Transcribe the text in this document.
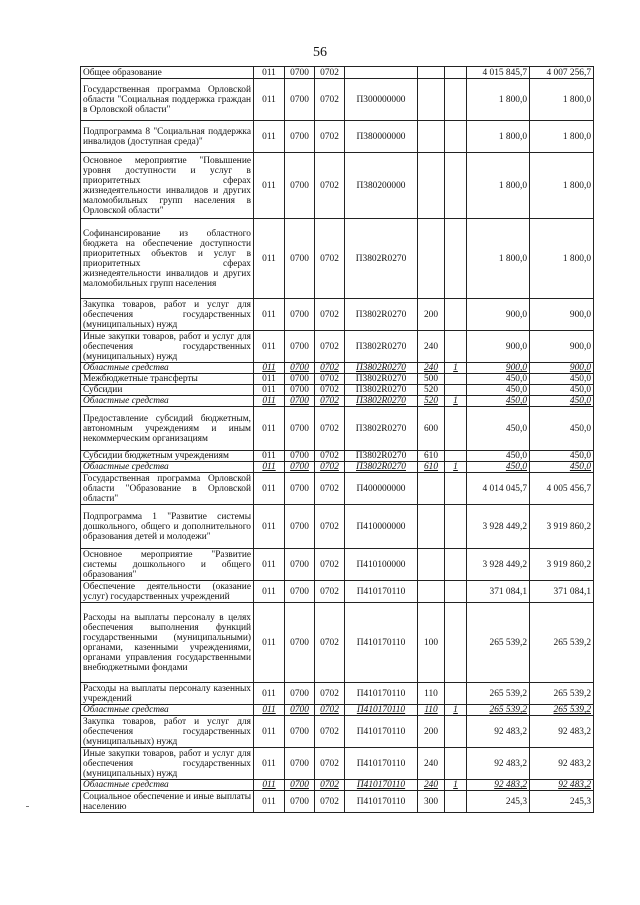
56
Общее образование	011	0700	0702				4 015 845,7	4 007 256,7
Государственная программа Орловской области "Социальная поддержка граждан в Орловской области"	011	0700	0702	П300000000			1 800,0	1 800,0
Подпрограмма 8 "Социальная поддержка инвалидов (доступная среда)"	011	0700	0702	П380000000			1 800,0	1 800,0
Основное мероприятие "Повышение уровня доступности и услуг в приоритетных сферах жизнедеятельности инвалидов и других маломобильных групп населения в Орловской области"	011	0700	0702	П380200000			1 800,0	1 800,0
Софинансирование из областного бюджета на обеспечение доступности приоритетных объектов и услуг в приоритетных сферах жизнедеятельности инвалидов и других маломобильных групп населения	011	0700	0702	П3802R0270			1 800,0	1 800,0
Закупка товаров, работ и услуг для обеспечения государственных (муниципальных) нужд	011	0700	0702	П3802R0270	200		900,0	900,0
Иные закупки товаров, работ и услуг для обеспечения государственных (муниципальных) нужд	011	0700	0702	П3802R0270	240		900,0	900,0
Областные средства	011	0700	0702	П3802R0270	240	1	900,0	900,0
Межбюджетные трансферты	011	0700	0702	П3802R0270	500		450,0	450,0
Субсидии	011	0700	0702	П3802R0270	520		450,0	450,0
Областные средства	011	0700	0702	П3802R0270	520	1	450,0	450,0
Предоставление субсидий бюджетным, автономным учреждениям и иным некоммерческим организациям	011	0700	0702	П3802R0270	600		450,0	450,0
Субсидии бюджетным учреждениям	011	0700	0702	П3802R0270	610		450,0	450,0
Областные средства	011	0700	0702	П3802R0270	610	1	450,0	450,0
Государственная программа Орловской области "Образование в Орловской области"	011	0700	0702	П400000000			4 014 045,7	4 005 456,7
Подпрограмма 1 "Развитие системы дошкольного, общего и дополнительного образования детей и молодежи"	011	0700	0702	П410000000			3 928 449,2	3 919 860,2
Основное мероприятие "Развитие системы дошкольного и общего образования"	011	0700	0702	П410100000			3 928 449,2	3 919 860,2
Обеспечение деятельности (оказание услуг) государственных учреждений	011	0700	0702	П410170110			371 084,1	371 084,1
Расходы на выплаты персоналу в целях обеспечения выполнения функций государственными (муниципальными) органами, казенными учреждениями, органами управления государственными внебюджетными фондами	011	0700	0702	П410170110	100		265 539,2	265 539,2
Расходы на выплаты персоналу казенных учреждений	011	0700	0702	П410170110	110		265 539,2	265 539,2
Областные средства	011	0700	0702	П410170110	110	1	265 539,2	265 539,2
Закупка товаров, работ и услуг для обеспечения государственных (муниципальных) нужд	011	0700	0702	П410170110	200		92 483,2	92 483,2
Иные закупки товаров, работ и услуг для обеспечения государственных (муниципальных) нужд	011	0700	0702	П410170110	240		92 483,2	92 483,2
Областные средства	011	0700	0702	П410170110	240	1	92 483,2	92 483,2
Социальное обеспечение и иные выплаты населению	011	0700	0702	П410170110	300		245,3	245,3
